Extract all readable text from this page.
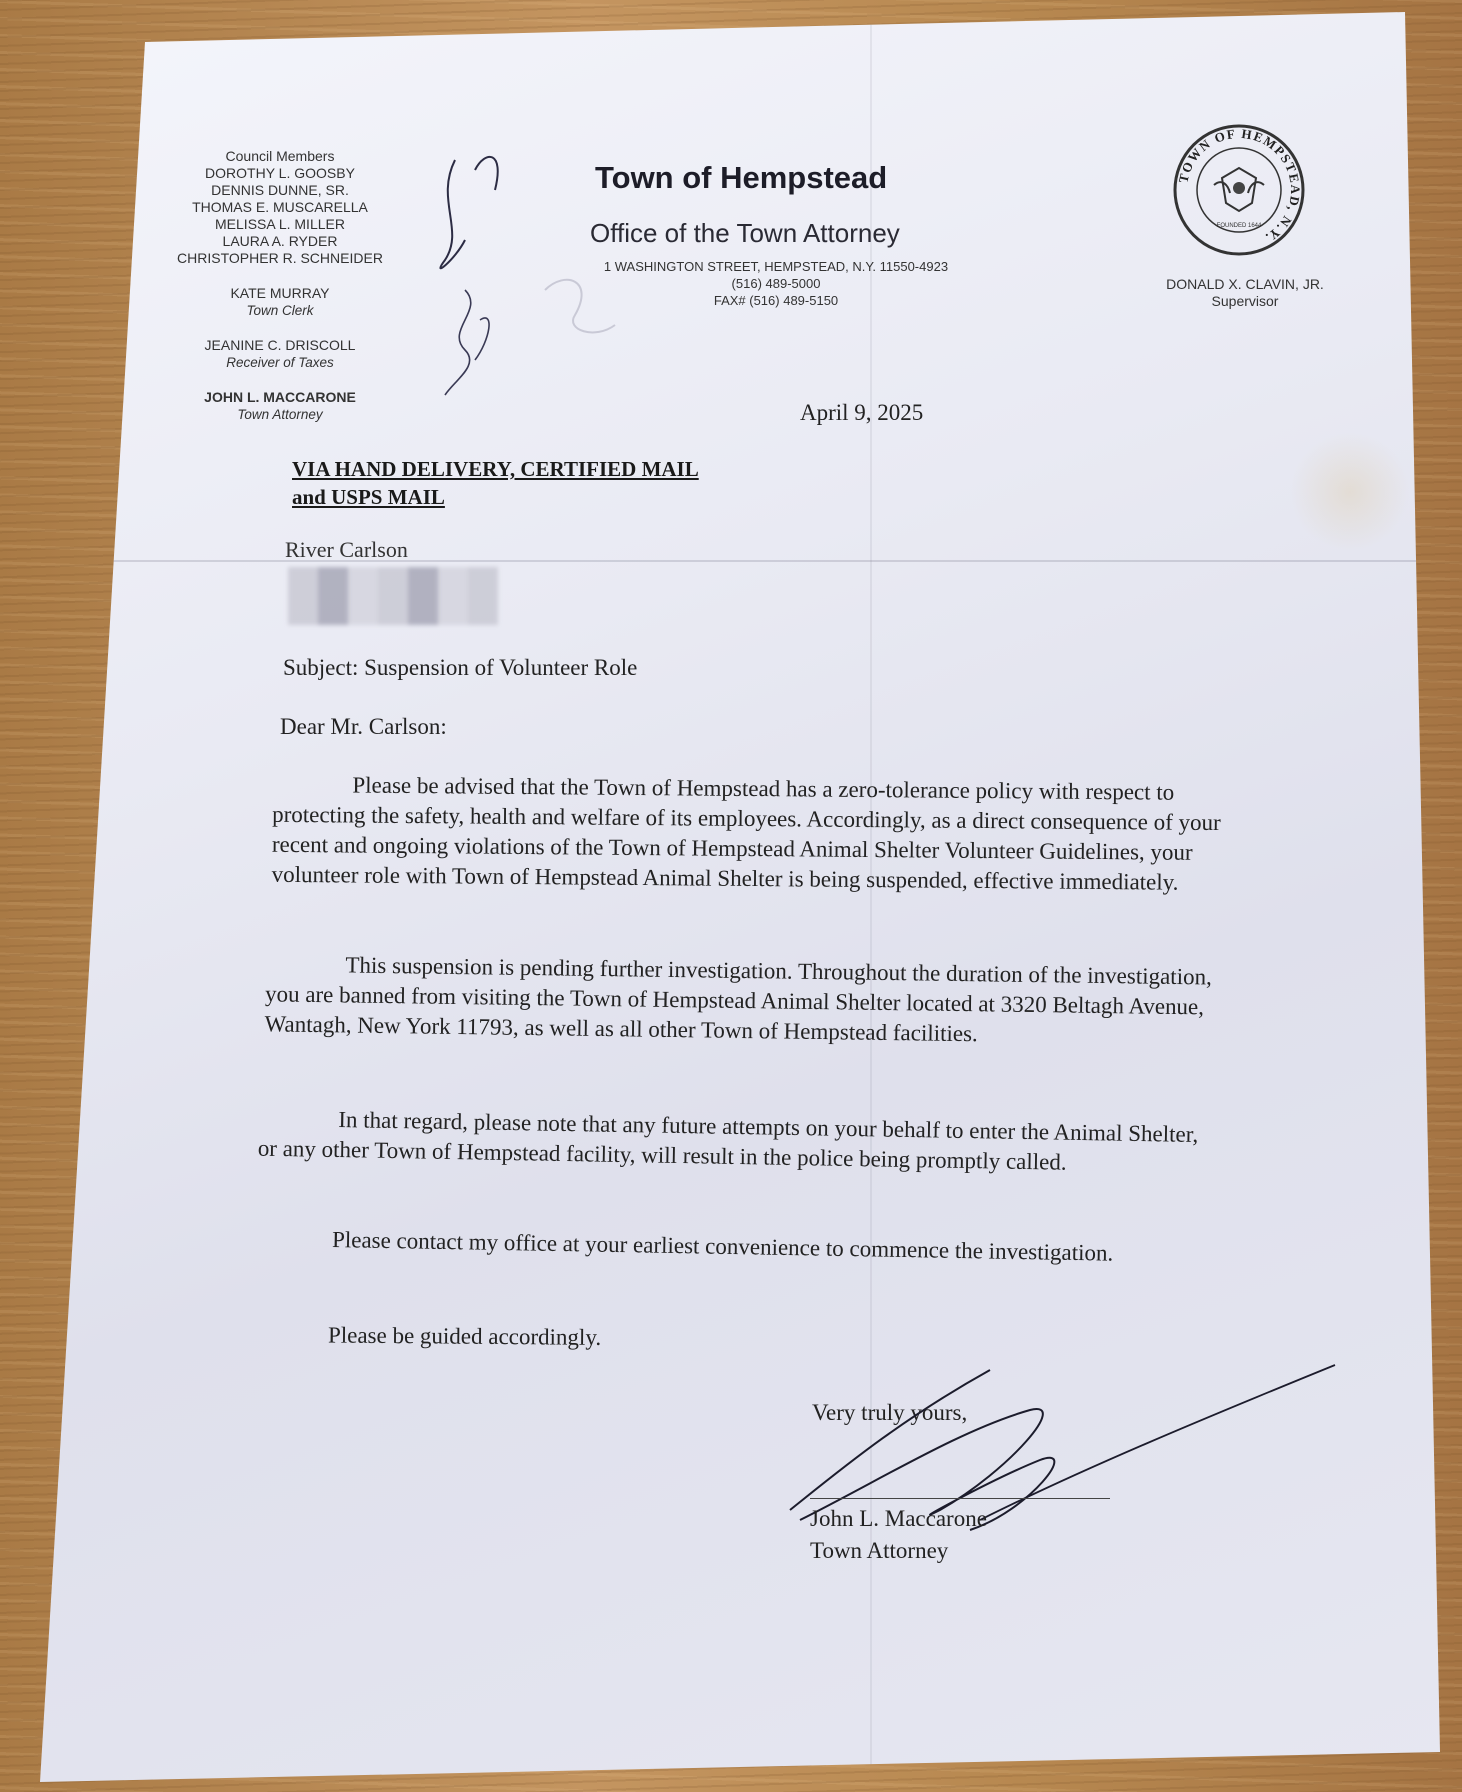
Council Members
DOROTHY L. GOOSBY
DENNIS DUNNE, SR.
THOMAS E. MUSCARELLA
MELISSA L. MILLER
LAURA A. RYDER
CHRISTOPHER R. SCHNEIDER
KATE MURRAY
Town Clerk
JEANINE C. DRISCOLL
Receiver of Taxes
JOHN L. MACCARONE
Town Attorney
Town of Hempstead
Office of the Town Attorney
1 WASHINGTON STREET, HEMPSTEAD, N.Y. 11550-4923
(516) 489-5000
FAX# (516) 489-5150
TOWN OF HEMPSTEAD, N.Y.
FOUNDED 1644
DONALD X. CLAVIN, JR.
Supervisor
April 9, 2025
VIA HAND DELIVERY, CERTIFIED MAIL
and USPS MAIL
River Carlson
Subject: Suspension of Volunteer Role
Dear Mr. Carlson:

Please be advised that the Town of Hempstead has a zero-tolerance policy with respect to protecting the safety, health and welfare of its employees. Accordingly, as a direct consequence of your recent and ongoing violations of the Town of Hempstead Animal Shelter Volunteer Guidelines, your volunteer role with Town of Hempstead Animal Shelter is being suspended, effective immediately.

This suspension is pending further investigation. Throughout the duration of the investigation, you are banned from visiting the Town of Hempstead Animal Shelter located at 3320 Beltagh Avenue, Wantagh, New York 11793, as well as all other Town of Hempstead facilities.

In that regard, please note that any future attempts on your behalf to enter the Animal Shelter, or any other Town of Hempstead facility, will result in the police being promptly called.

Please contact my office at your earliest convenience to commence the investigation.

Please be guided accordingly.

Very truly yours,
John L. Maccarone
Town Attorney
